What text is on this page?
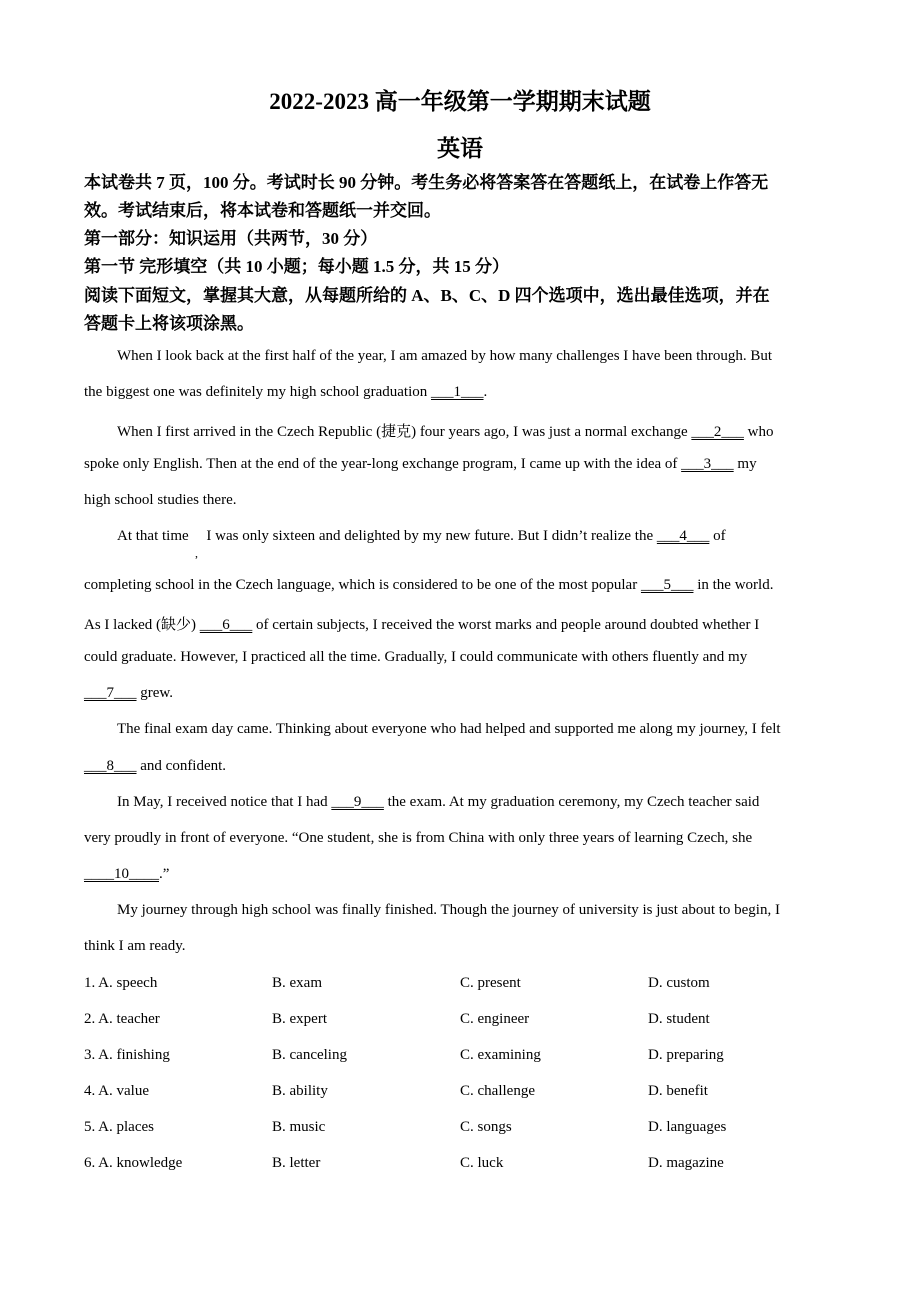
2022-2023 高一年级第一学期期末试题
英语
本试卷共 7 页，100 分。考试时长 90 分钟。考生务必将答案答在答题纸上，在试卷上作答无
效。考试结束后，将本试卷和答题纸一并交回。
第一部分：知识运用（共两节，30 分）
第一节 完形填空（共 10 小题；每小题 1.5 分，共 15 分）
阅读下面短文，掌握其大意，从每题所给的 A、B、C、D 四个选项中，选出最佳选项，并在
答题卡上将该项涂黑。
When I look back at the first half of the year, I am amazed by how many challenges I have been through. But
the biggest one was definitely my high school graduation ___1___.
When I first arrived in the Czech Republic (捷克) four years ago, I was just a normal exchange ___2___ who
spoke only English. Then at the end of the year-long exchange program, I came up with the idea of ___3___ my
high school studies there.
At that time I was only sixteen and delighted by my new future. But I didn’t realize the ___4___ of
,
completing school in the Czech language, which is considered to be one of the most popular ___5___ in the world.
As I lacked (缺少) ___6___ of certain subjects, I received the worst marks and people around doubted whether I
could graduate. However, I practiced all the time. Gradually, I could communicate with others fluently and my
___7___ grew.
The final exam day came. Thinking about everyone who had helped and supported me along my journey, I felt
___8___ and confident.
In May, I received notice that I had ___9___ the exam. At my graduation ceremony, my Czech teacher said
very proudly in front of everyone. “One student, she is from China with only three years of learning Czech, she
____10____.”
My journey through high school was finally finished. Though the journey of university is just about to begin, I
think I am ready.
1. A. speech	B. exam	C. present	D. custom
2. A. teacher	B. expert	C. engineer	D. student
3. A. finishing	B. canceling	C. examining	D. preparing
4. A. value	B. ability	C. challenge	D. benefit
5. A. places	B. music	C. songs	D. languages
6. A. knowledge	B. letter	C. luck	D. magazine
